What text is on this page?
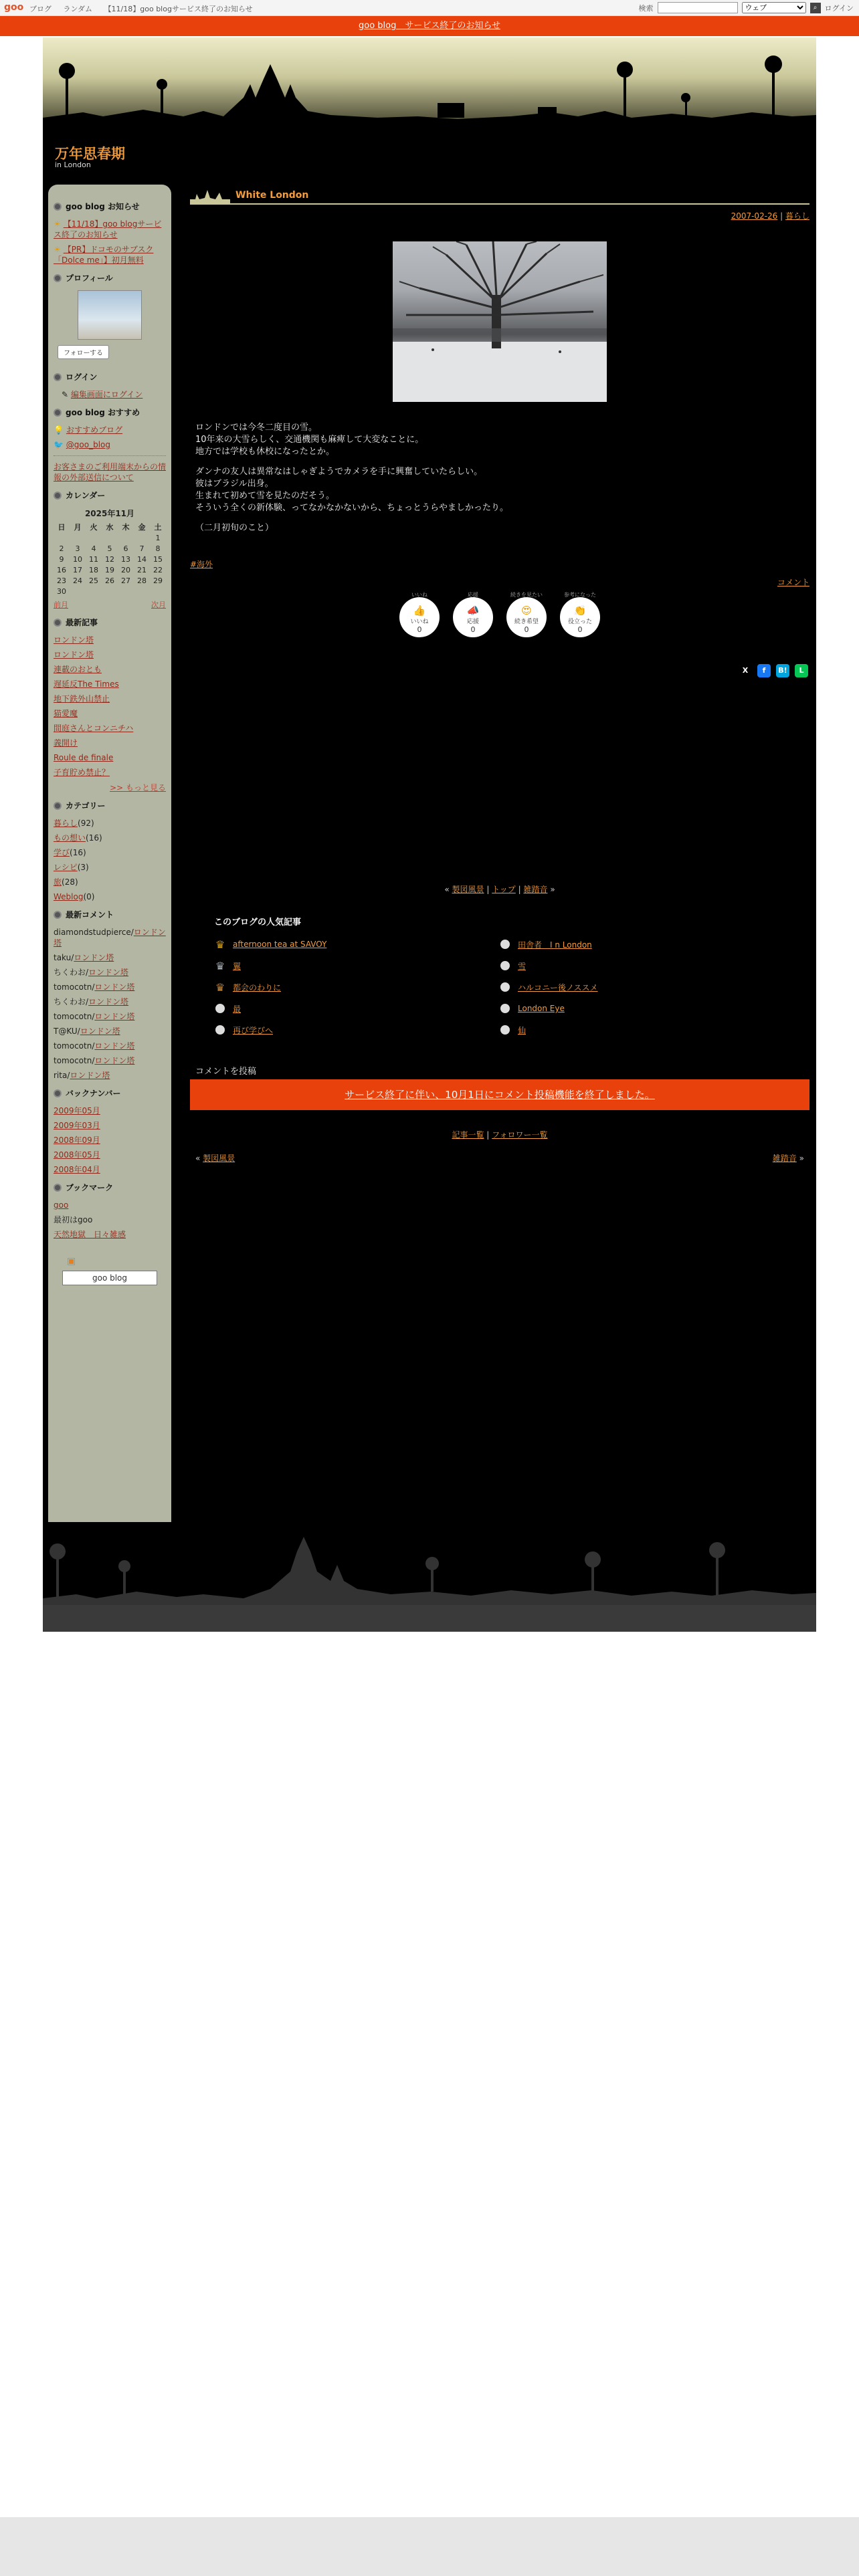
goo ブログ ランダム 【11/18】goo blogサービス終了のお知らせ	検索
ウェブ	⌕	ログイン
goo blog　サービス終了のお知らせ
万年思春期
in London
goo blog お知らせ
☀ 【11/18】goo blogサービス終了のお知らせ
☀ 【PR】ドコモのサブスク「Dolce me」】初月無料
プロフィール
フォローする
ログイン
✎ 編集画面にログイン
goo blog おすすめ
💡 おすすめブログ
🐦 @goo_blog
お客さまのご利用端末からの情報の外部送信について
カレンダー
2025年11月
日	月	火	水	木	金	土
						1
2	3	4	5	6	7	8
9	10	11	12	13	14	15
16	17	18	19	20	21	22
23	24	25	26	27	28	29
30						
前月	次月
最新記事
ロンドン塔
ロンドン塔
連載のおとも
遅延反The Times
地下鉄外山禁止
猫愛魔
間庭さんとコンニチハ
義開け
Roule de finale
子育貯め禁止？
>> もっと見る
カテゴリー
暮らし(92)
もの想い(16)
学び(16)
レシピ(3)
旅(28)
Weblog(0)
最新コメント
diamondstudpierce/ロンドン塔
taku/ロンドン塔
ちくわお/ロンドン塔
tomocotn/ロンドン塔
ちくわお/ロンドン塔
tomocotn/ロンドン塔
T@KU/ロンドン塔
tomocotn/ロンドン塔
tomocotn/ロンドン塔
rita/ロンドン塔
バックナンバー
2009年05月
2009年03月
2008年09月
2008年05月
2008年04月
ブックマーク
goo
最初はgoo
天然地獄　日々雑感
▣
goo blog
White London
2007-02-26 | 暮らし

ロンドンでは今冬二度目の雪。
10年来の大雪らしく、交通機関も麻痺して大変なことに。
地方では学校も休校になったとか。

ダンナの友人は異常なはしゃぎようでカメラを手に興奮していたらしい。
彼はブラジル出身。
生まれて初めて雪を見たのだそう。
そういう全くの新体験、ってなかなかないから、ちょっとうらやましかったり。

（二月初旬のこと）

#海外
コメント
いいね
👍
いいね
0
応援
📣
応援
0
続きを見たい
😍
続き希望
0
参考になった
👏
役立った
0
X	f	B!	L
« 製図風景 | トップ | 雑踏音 »
このブログの人気記事
♛ afternoon tea at SAVOY	田舎者　I n London
♛ 翼	雪
♛ 都会のわりに	ハルコニー後ノススメ
最	London Eye
再び学びへ	仙
コメントを投稿
サービス終了に伴い、10月1日にコメント投稿機能を終了しました。
記事一覧 | フォロワー一覧
« 製図風景	雑踏音 »
